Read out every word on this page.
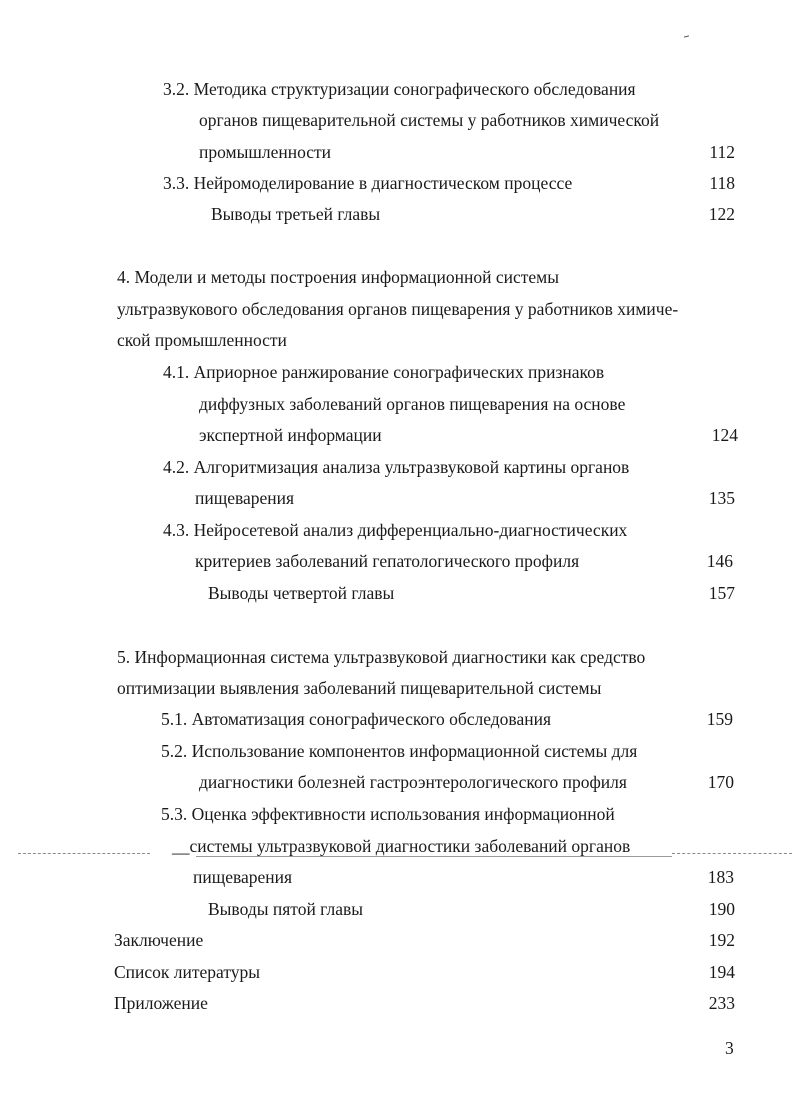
3.2. Методика структуризации сонографического обследования
органов пищеварительной системы у работников химической
промышленности	112
3.3. Нейромоделирование в диагностическом процессе	118
Выводы третьей главы	122
4. Модели и методы построения информационной системы
ультразвукового обследования органов пищеварения у работников химиче-
ской промышленности
4.1. Априорное ранжирование сонографических признаков
диффузных заболеваний органов пищеварения на основе
экспертной информации	124
4.2. Алгоритмизация анализа ультразвуковой картины органов
пищеварения	135
4.3. Нейросетевой анализ дифференциально-диагностических
критериев заболеваний гепатологического профиля	146
Выводы четвертой главы	157
5. Информационная система ультразвуковой диагностики как средство
оптимизации выявления заболеваний пищеварительной системы
5.1. Автоматизация сонографического обследования	159
5.2. Использование компонентов информационной системы для
диагностики болезней гастроэнтерологического профиля	170
5.3. Оценка эффективности использования информационной
__системы ультразвуковой диагностики заболеваний органов
пищеварения	183
Выводы пятой главы	190
Заключение	192
Список литературы	194
Приложение	233
3
